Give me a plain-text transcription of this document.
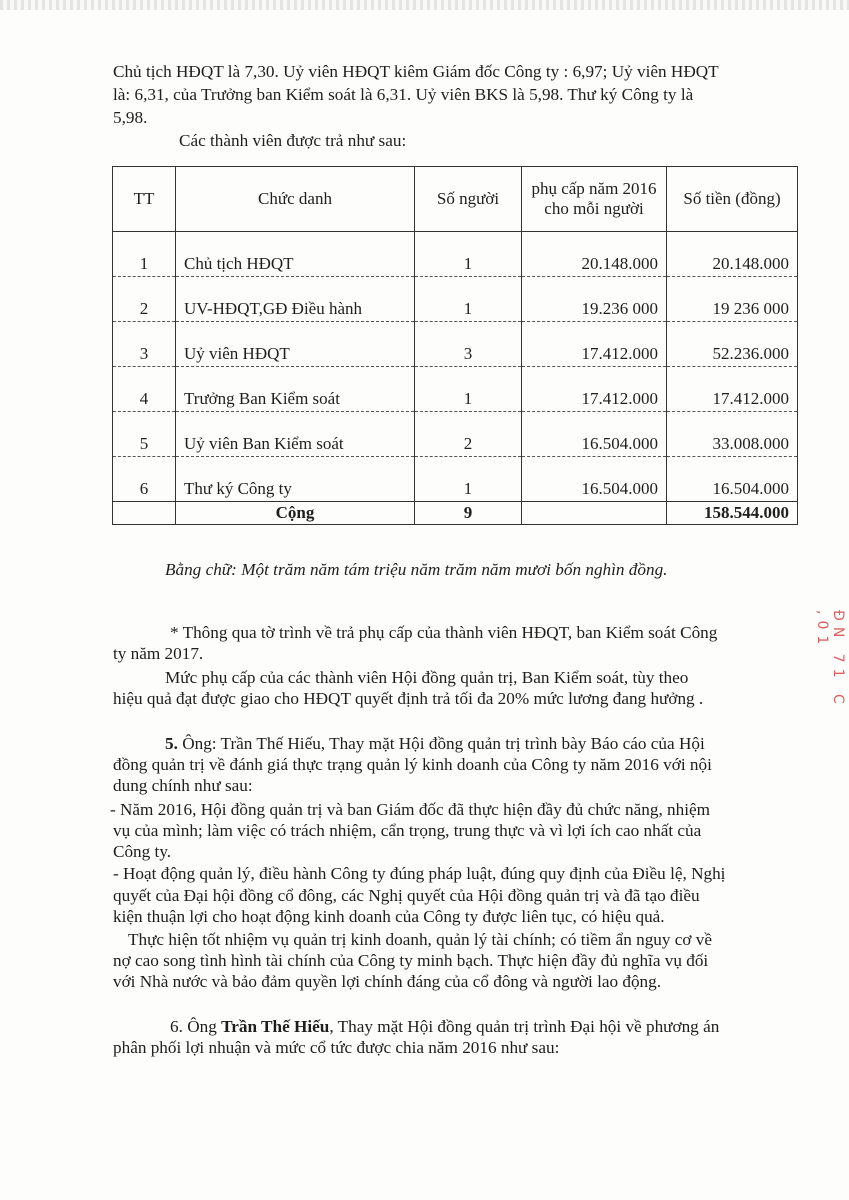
Chủ tịch HĐQT là 7,30. Uỷ viên HĐQT kiêm Giám đốc Công ty : 6,97; Uỷ viên HĐQT
là: 6,31, của Trưởng ban Kiểm soát là 6,31. Uỷ viên BKS là 5,98. Thư ký Công ty là
5,98.
Các thành viên được trả như sau:
TT	Chức danh	Số người	phụ cấp năm 2016 cho mỗi người	Số tiền (đồng)
1	Chủ tịch HĐQT	1	20.148.000	20.148.000
2	UV-HĐQT,GĐ Điều hành	1	19.236 000	19 236 000
3	Uỷ viên HĐQT	3	17.412.000	52.236.000
4	Trưởng Ban Kiểm soát	1	17.412.000	17.412.000
5	Uỷ viên Ban Kiểm soát	2	16.504.000	33.008.000
6	Thư ký Công ty	1	16.504.000	16.504.000
	Cộng	9		158.544.000
Bằng chữ: Một trăm năm tám triệu năm trăm năm mươi bốn nghìn đồng.
* Thông qua tờ trình về trả phụ cấp của thành viên HĐQT, ban Kiểm soát Công
ty năm 2017.
Mức phụ cấp của các thành viên Hội đồng quản trị, Ban Kiểm soát, tùy theo
hiệu quả đạt được giao cho HĐQT quyết định trả tối đa 20% mức lương đang hưởng .
5. Ông: Trần Thế Hiếu, Thay mặt Hội đồng quản trị trình bày Báo cáo của Hội
đồng quản trị về đánh giá thực trạng quản lý kinh doanh của Công ty năm 2016 với nội
dung chính như sau:
- Năm 2016, Hội đồng quản trị và ban Giám đốc đã thực hiện đầy đủ chức năng, nhiệm
vụ của mình; làm việc có trách nhiệm, cẩn trọng, trung thực và vì lợi ích cao nhất của
Công ty.
- Hoạt động quản lý, điều hành Công ty đúng pháp luật, đúng quy định của Điều lệ, Nghị
quyết của Đại hội đồng cổ đông, các Nghị quyết của Hội đồng quản trị và đã tạo điều
kiện thuận lợi cho hoạt động kinh doanh của Công ty được liên tục, có hiệu quả.
Thực hiện tốt nhiệm vụ quản trị kinh doanh, quản lý tài chính; có tiềm ẩn nguy cơ về
nợ cao song tình hình tài chính của Công ty minh bạch. Thực hiện đầy đủ nghĩa vụ đối
với Nhà nước và bảo đảm quyền lợi chính đáng của cổ đông và người lao động.
6. Ông Trần Thế Hiếu, Thay mặt Hội đồng quản trị trình Đại hội về phương án
phân phối lợi nhuận và mức cổ tức được chia năm 2016 như sau:
ĐN 71 C ,01
